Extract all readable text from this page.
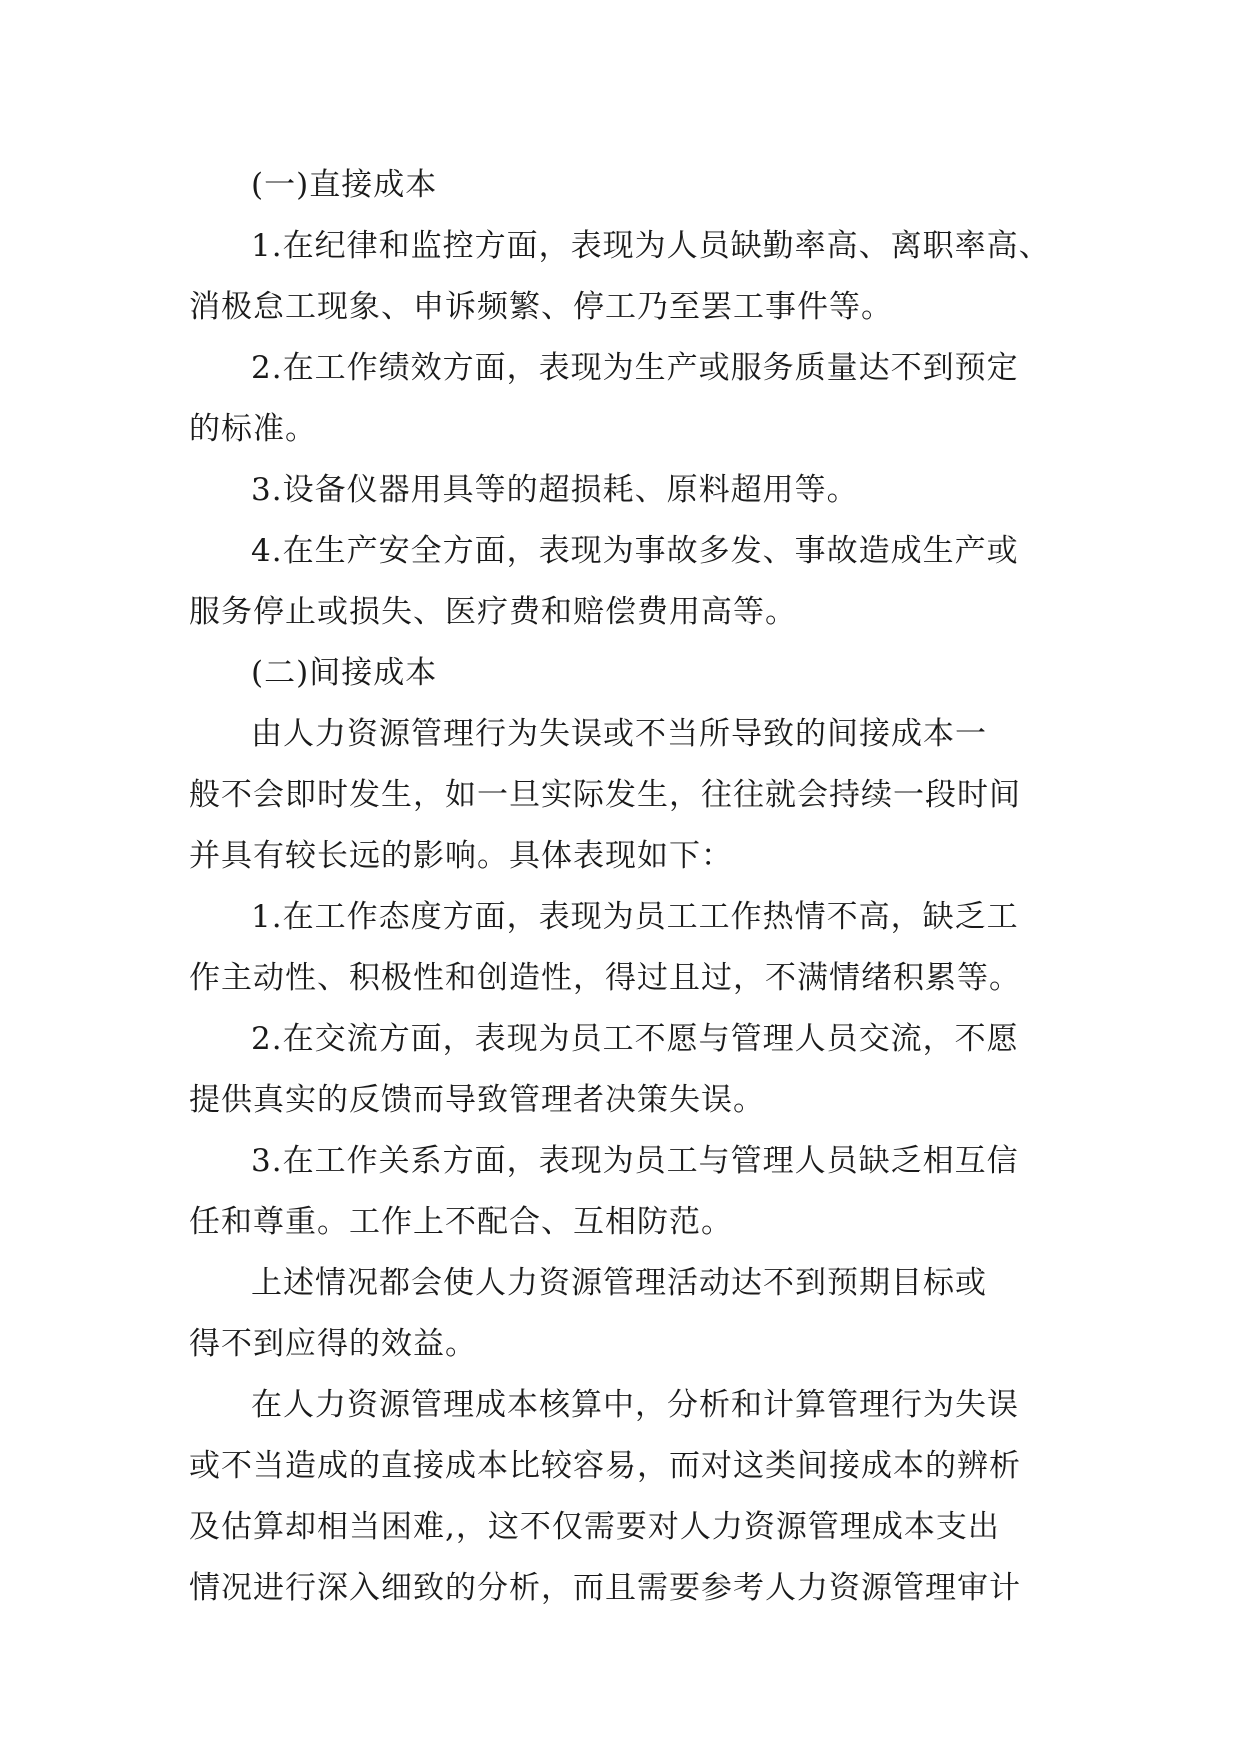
(一)直接成本
1.在纪律和监控方面，表现为人员缺勤率高、离职率高、
消极怠工现象、申诉频繁、停工乃至罢工事件等。
2.在工作绩效方面，表现为生产或服务质量达不到预定
的标准。
3.设备仪器用具等的超损耗、原料超用等。
4.在生产安全方面，表现为事故多发、事故造成生产或
服务停止或损失、医疗费和赔偿费用高等。
(二)间接成本
由人力资源管理行为失误或不当所导致的间接成本一
般不会即时发生，如一旦实际发生，往往就会持续一段时间
并具有较长远的影响。具体表现如下：
1.在工作态度方面，表现为员工工作热情不高，缺乏工
作主动性、积极性和创造性，得过且过，不满情绪积累等。
2.在交流方面，表现为员工不愿与管理人员交流，不愿
提供真实的反馈而导致管理者决策失误。
3.在工作关系方面，表现为员工与管理人员缺乏相互信
任和尊重。工作上不配合、互相防范。
上述情况都会使人力资源管理活动达不到预期目标或
得不到应得的效益。
在人力资源管理成本核算中，分析和计算管理行为失误
或不当造成的直接成本比较容易，而对这类间接成本的辨析
及估算却相当困难,，这不仅需要对人力资源管理成本支出
情况进行深入细致的分析，而且需要参考人力资源管理审计
